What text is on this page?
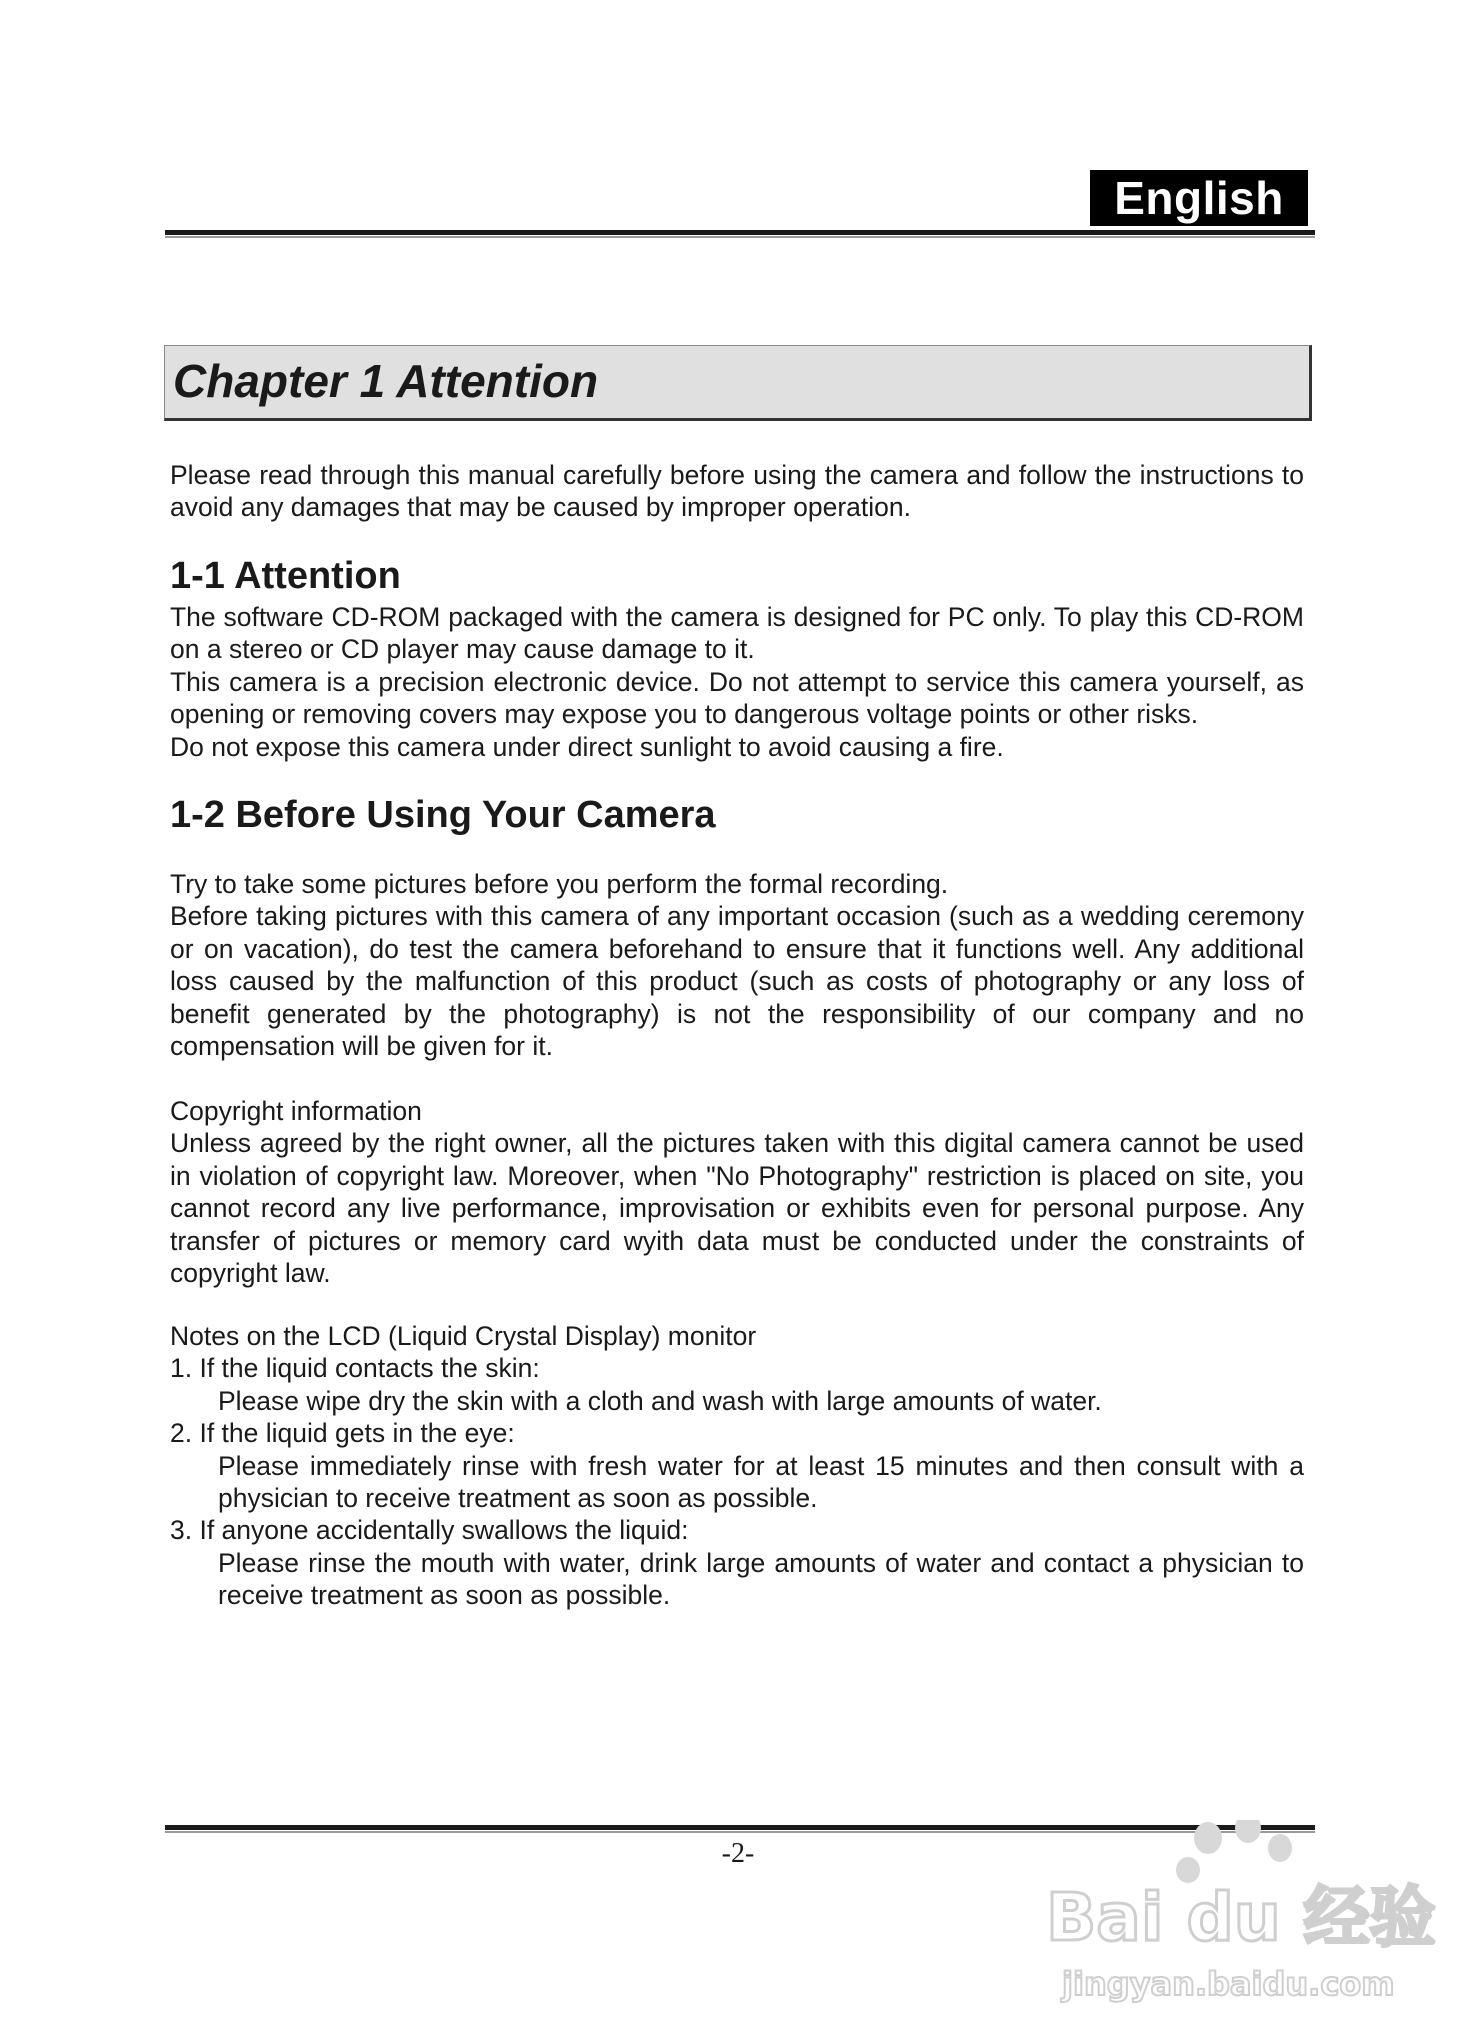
English
Chapter 1 Attention

Please read through this manual carefully before using the camera and follow the instructions to avoid any damages that may be caused by improper operation.

1-1 Attention

The software CD-ROM packaged with the camera is designed for PC only. To play this CD-ROM on a stereo or CD player may cause damage to it.

This camera is a precision electronic device. Do not attempt to service this camera yourself, as opening or removing covers may expose you to dangerous voltage points or other risks.

Do not expose this camera under direct sunlight to avoid causing a fire.

1-2 Before Using Your Camera

Try to take some pictures before you perform the formal recording.

Before taking pictures with this camera of any important occasion (such as a wedding ceremony or on vacation), do test the camera beforehand to ensure that it functions well. Any additional loss caused by the malfunction of this product (such as costs of photography or any loss of benefit generated by the photography) is not the responsibility of our company and no compensation will be given for it.

Copyright information

Unless agreed by the right owner, all the pictures taken with this digital camera cannot be used in violation of copyright law. Moreover, when "No Photography" restriction is placed on site, you cannot record any live performance, improvisation or exhibits even for personal purpose. Any transfer of pictures or memory card wyith data must be conducted under the constraints of copyright law.

Notes on the LCD (Liquid Crystal Display) monitor

1. If the liquid contacts the skin:

Please wipe dry the skin with a cloth and wash with large amounts of water.

2. If the liquid gets in the eye:

Please immediately rinse with fresh water for at least 15 minutes and then consult with a physician to receive treatment as soon as possible.

3. If anyone accidentally swallows the liquid:

Please rinse the mouth with water, drink large amounts of water and contact a physician to receive treatment as soon as possible.

-2-
Bai du 经验
jingyan.baidu.com
